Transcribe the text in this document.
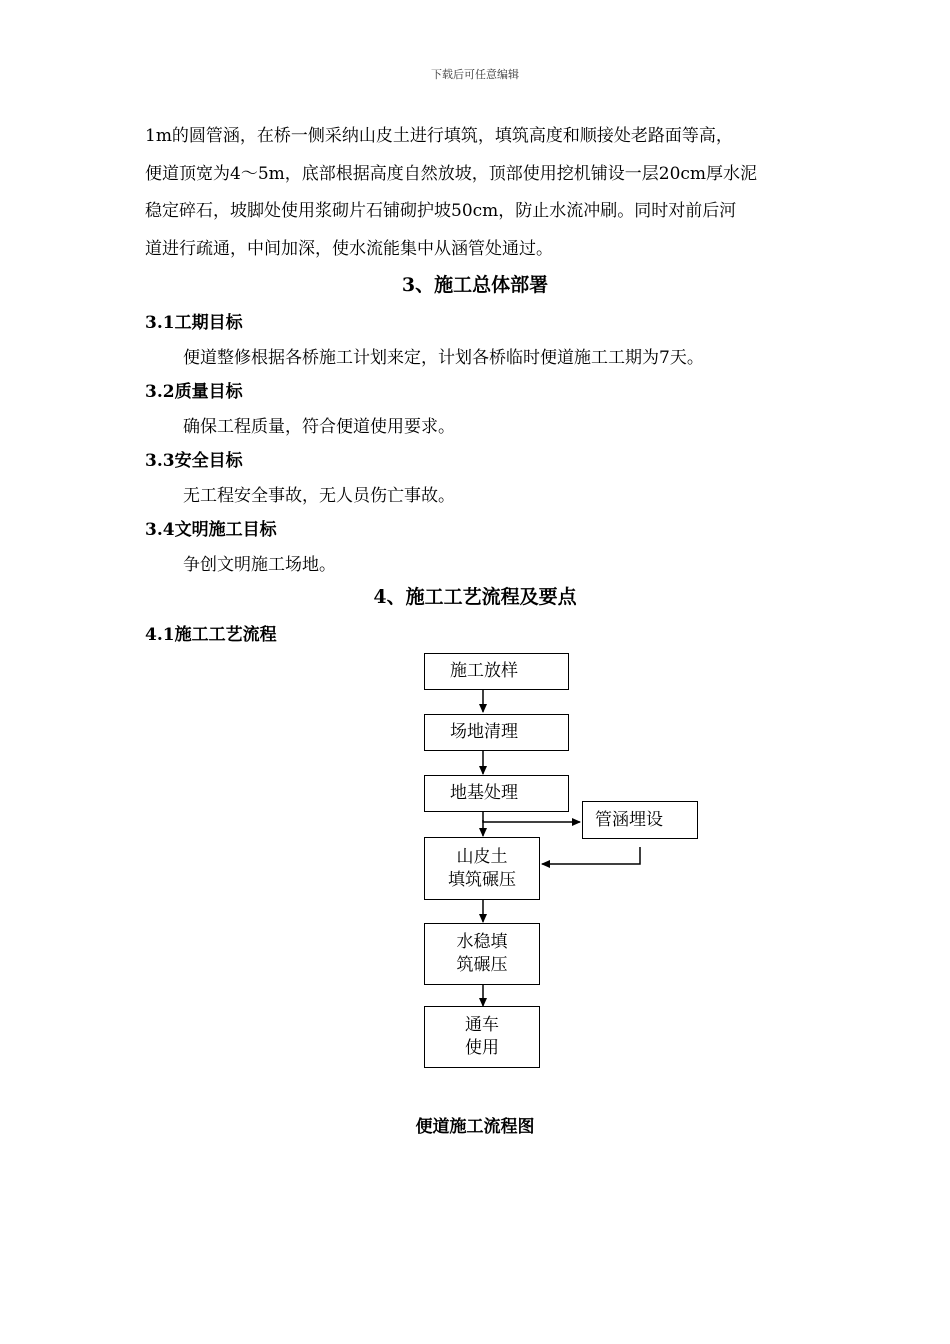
下载后可任意编辑

1m的圆管涵，在桥一侧采纳山皮土进行填筑，填筑高度和顺接处老路面等高，
便道顶宽为4～5m，底部根据高度自然放坡，顶部使用挖机铺设一层20cm厚水泥
稳定碎石，坡脚处使用浆砌片石铺砌护坡50cm，防止水流冲刷。同时对前后河
道进行疏通，中间加深，使水流能集中从涵管处通过。

3、施工总体部署
3.1工期目标

便道整修根据各桥施工计划来定，计划各桥临时便道施工工期为7天。

3.2质量目标

确保工程质量，符合便道使用要求。

3.3安全目标

无工程安全事故，无人员伤亡事故。

3.4文明施工目标

争创文明施工场地。

4、施工工艺流程及要点
4.1施工工艺流程
施工放样
场地清理
地基处理
管涵埋设
山皮土
填筑碾压
水稳填
筑碾压
通车
使用

便道施工流程图
